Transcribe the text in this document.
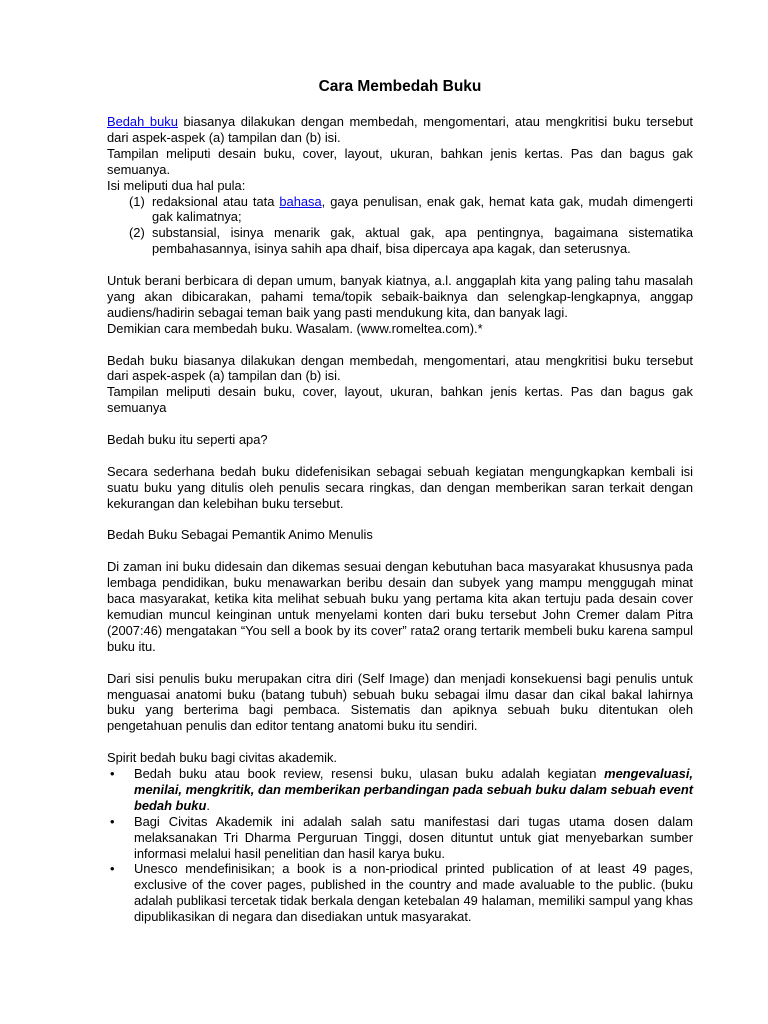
Cara Membedah Buku

Bedah buku biasanya dilakukan dengan membedah, mengomentari, atau mengkritisi buku tersebut dari aspek-aspek (a) tampilan dan (b) isi.

Tampilan meliputi desain buku, cover, layout, ukuran, bahkan jenis kertas. Pas dan bagus gak semuanya.

Isi meliputi dua hal pula:

(1) redaksional atau tata bahasa, gaya penulisan, enak gak, hemat kata gak, mudah dimengerti gak kalimatnya;
(2) substansial, isinya menarik gak, aktual gak, apa pentingnya, bagaimana sistematika pembahasannya, isinya sahih apa dhaif, bisa dipercaya apa kagak, dan seterusnya.

Untuk berani berbicara di depan umum, banyak kiatnya, a.l. anggaplah kita yang paling tahu masalah yang akan dibicarakan, pahami tema/topik sebaik-baiknya dan selengkap-lengkapnya, anggap audiens/hadirin sebagai teman baik yang pasti mendukung kita, dan banyak lagi.

Demikian cara membedah buku. Wasalam. (www.romeltea.com).*

Bedah buku biasanya dilakukan dengan membedah, mengomentari, atau mengkritisi buku tersebut dari aspek-aspek (a) tampilan dan (b) isi.

Tampilan meliputi desain buku, cover, layout, ukuran, bahkan jenis kertas. Pas dan bagus gak semuanya

Bedah buku itu seperti apa?

Secara sederhana bedah buku didefenisikan sebagai sebuah kegiatan mengungkapkan kembali isi suatu buku yang ditulis oleh penulis secara ringkas, dan dengan memberikan saran terkait dengan kekurangan dan kelebihan buku tersebut.

Bedah Buku Sebagai Pemantik Animo Menulis

Di zaman ini buku didesain dan dikemas sesuai dengan kebutuhan baca masyarakat khususnya pada lembaga pendidikan, buku menawarkan beribu desain dan subyek yang mampu menggugah minat baca masyarakat, ketika kita melihat sebuah buku yang pertama kita akan tertuju pada desain cover kemudian muncul keinginan untuk menyelami konten dari buku tersebut John Cremer dalam Pitra (2007:46) mengatakan “You sell a book by its cover” rata2 orang tertarik membeli buku karena sampul buku itu.

Dari sisi penulis buku merupakan citra diri (Self Image) dan menjadi konsekuensi bagi penulis untuk menguasai anatomi buku (batang tubuh) sebuah buku sebagai ilmu dasar dan cikal bakal lahirnya buku yang berterima bagi pembaca. Sistematis dan apiknya sebuah buku ditentukan oleh pengetahuan penulis dan editor tentang anatomi buku itu sendiri.

Spirit bedah buku bagi civitas akademik.

• Bedah buku atau book review, resensi buku, ulasan buku adalah kegiatan mengevaluasi, menilai, mengkritik, dan memberikan perbandingan pada sebuah buku dalam sebuah event bedah buku.
• Bagi Civitas Akademik ini adalah salah satu manifestasi dari tugas utama dosen dalam melaksanakan Tri Dharma Perguruan Tinggi, dosen dituntut untuk giat menyebarkan sumber informasi melalui hasil penelitian dan hasil karya buku.
• Unesco mendefinisikan; a book is a non-priodical printed publication of at least 49 pages, exclusive of the cover pages, published in the country and made avaluable to the public. (buku adalah publikasi tercetak tidak berkala dengan ketebalan 49 halaman, memiliki sampul yang khas dipublikasikan di negara dan disediakan untuk masyarakat.
